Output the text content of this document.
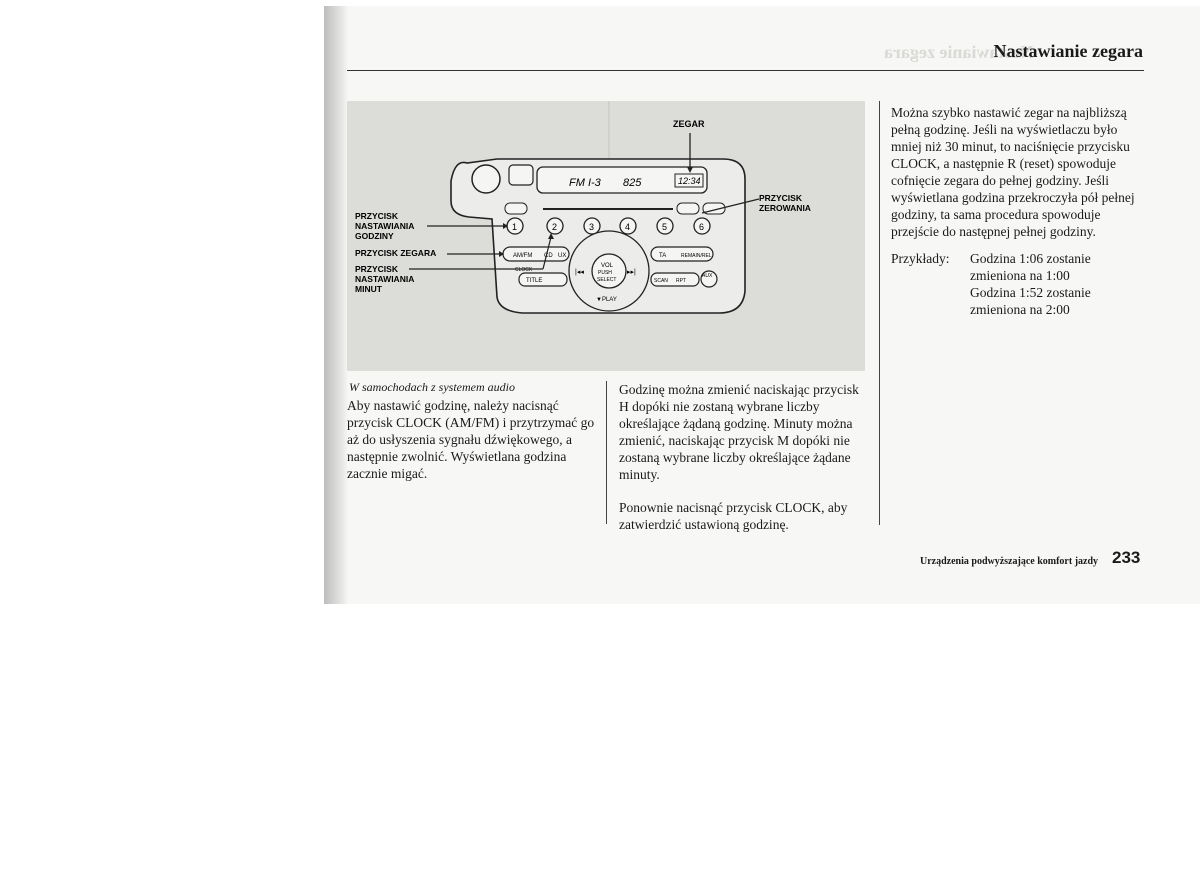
Nastawianie zegara
Nastawianie zegara
FM I-3 825	12:34
1	2	3	4	5	6
AM/FM CD UX
CLOCK
TITLE
VOL
PUSH
SELECT
▼PLAY
|◂◂	▸▸|
TA	REMAIN/REL
SCAN RPT
AUX
ZEGAR
PRZYCISK
ZEROWANIA
PRZYCISK
NASTAWIANIA
GODZINY
PRZYCISK ZEGARA
PRZYCISK
NASTAWIANIA
MINUT
W samochodach z systemem audio

Aby nastawić godzinę, należy nacisnąć przycisk CLOCK (AM/FM) i przytrzymać go aż do usłyszenia sygnału dźwiękowego, a następnie zwolnić. Wyświetlana godzina zacznie migać.

Godzinę można zmienić naciskając przycisk H dopóki nie zostaną wybrane liczby określające żądaną godzinę. Minuty można zmienić, naciskając przycisk M dopóki nie zostaną wybrane liczby określające żądane minuty.

Ponownie nacisnąć przycisk CLOCK, aby zatwierdzić ustawioną godzinę.

Można szybko nastawić zegar na najbliższą pełną godzinę. Jeśli na wyświetlaczu było mniej niż 30 minut, to naciśnięcie przycisku CLOCK, a następnie R (reset) spowoduje cofnięcie zegara do pełnej godziny. Jeśli wyświetlana godzina przekroczyła pół pełnej godziny, ta sama procedura spowoduje przejście do następnej pełnej godziny.

Przykłady:	Godzina 1:06 zostanie
zmieniona na 1:00
Godzina 1:52 zostanie
zmieniona na 2:00
Urządzenia podwyższające komfort jazdy 233
